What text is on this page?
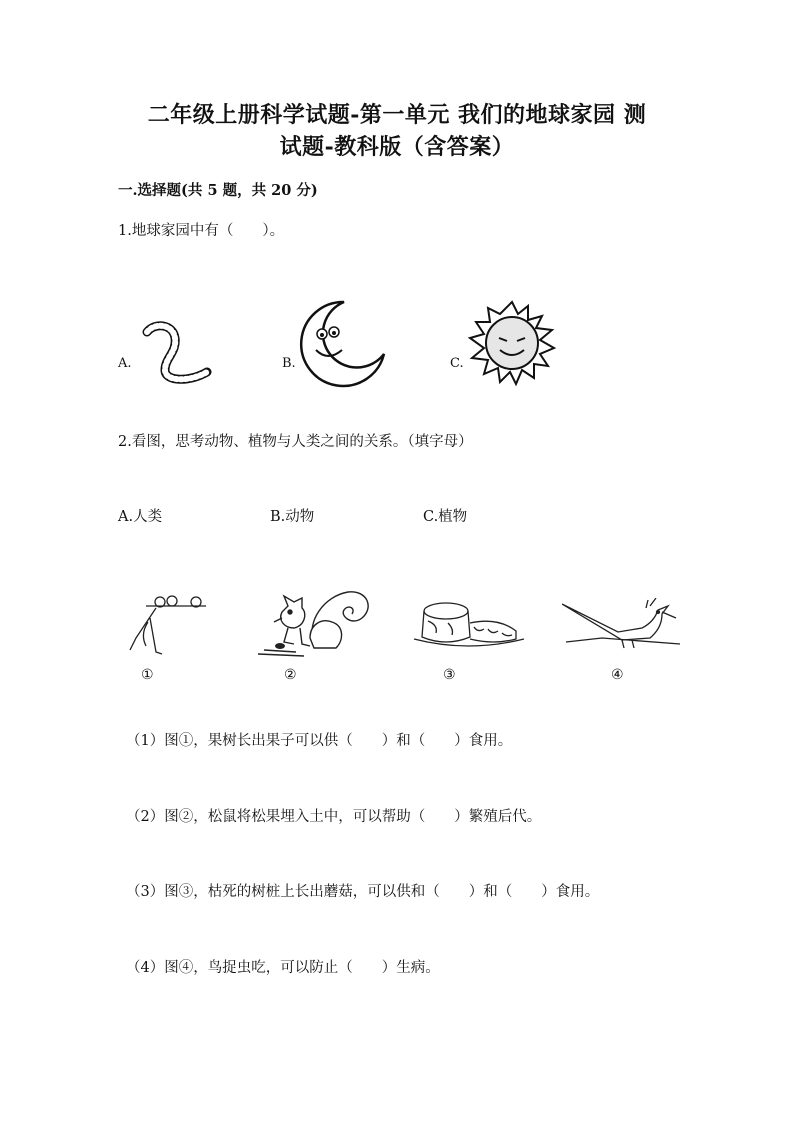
二年级上册科学试题-第一单元 我们的地球家园 测
试题-教科版（含答案）
一.选择题(共 5 题，共 20 分)
1.地球家园中有（　　）。
A.	B.	C.
2.看图，思考动物、植物与人类之间的关系。（填字母）
A.人类	B.动物	C.植物
①	②	③	④
（1）图①，果树长出果子可以供（　　）和（　　）食用。
（2）图②，松鼠将松果埋入土中，可以帮助（　　）繁殖后代。
（3）图③，枯死的树桩上长出蘑菇，可以供和（　　）和（　　）食用。
（4）图④，鸟捉虫吃，可以防止（　　）生病。
